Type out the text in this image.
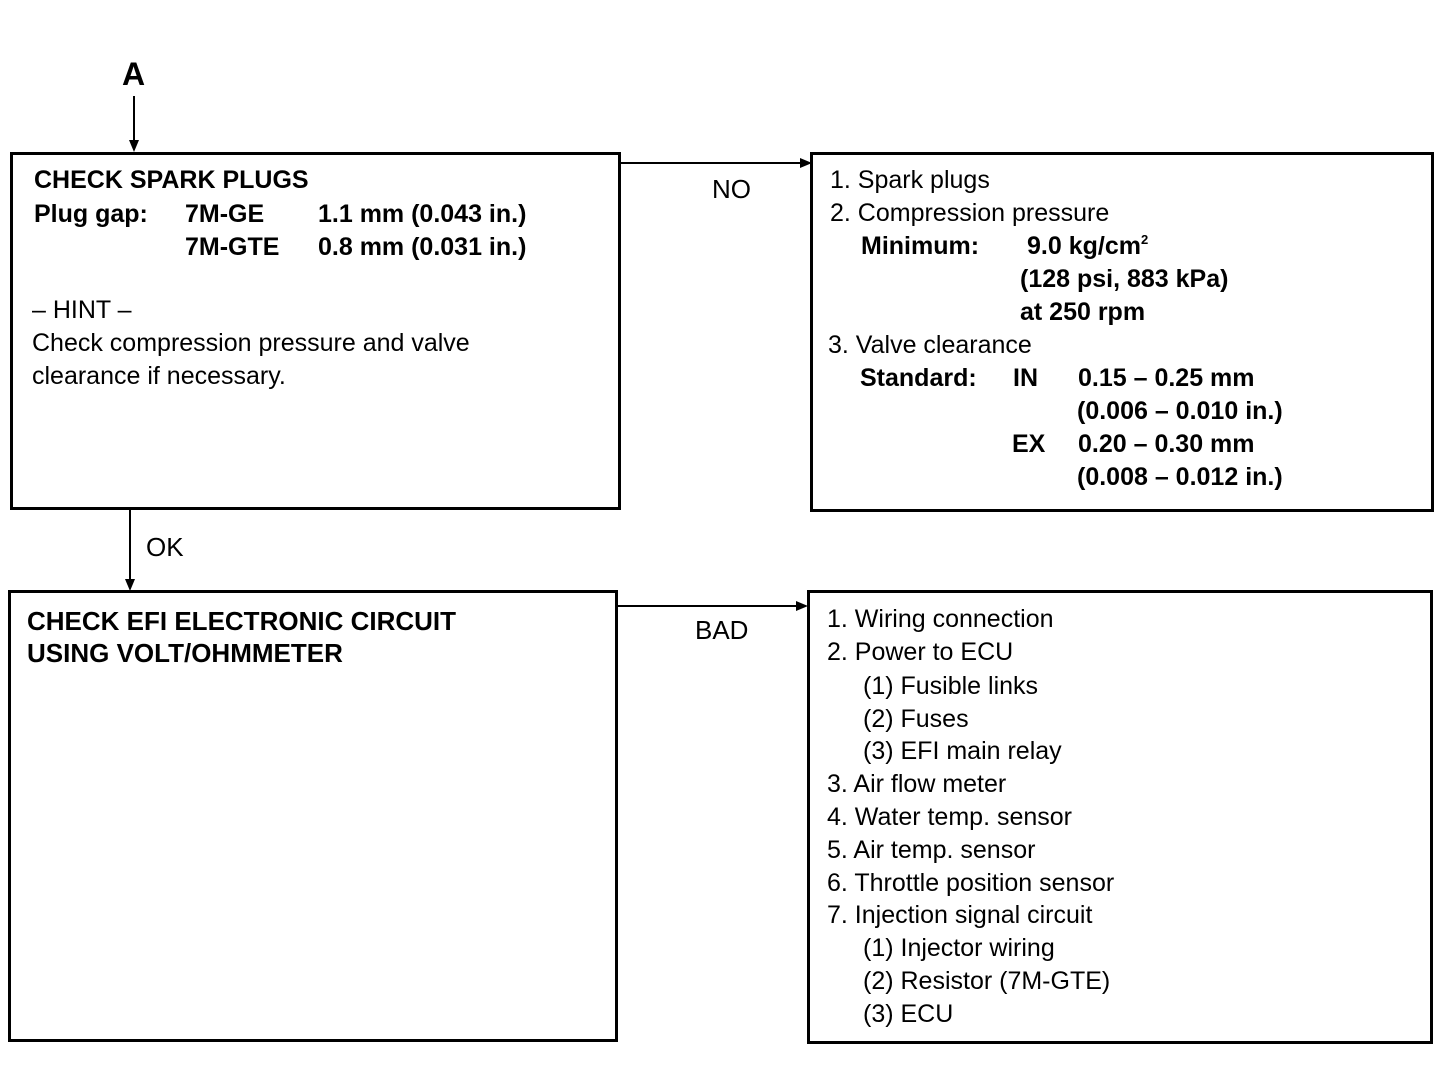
A
NO
OK
BAD
CHECK SPARK PLUGS
Plug gap: 7M-GE 1.1 mm (0.043 in.)
7M-GTE 0.8 mm (0.031 in.)
– HINT –
Check compression pressure and valve
clearance if necessary.
1. Spark plugs
2. Compression pressure
Minimum: 9.0 $kg/cm^2$
(128 psi, 883 kPa)
at 250 rpm
3. Valve clearance
Standard: IN 0.15 – 0.25 mm
(0.006 – 0.010 in.)
EX 0.20 – 0.30 mm
(0.008 – 0.012 in.)
CHECK EFI ELECTRONIC CIRCUIT
USING VOLT/OHMMETER
1. Wiring connection
2. Power to ECU
(1) Fusible links
(2) Fuses
(3) EFI main relay
3. Air flow meter
4. Water temp. sensor
5. Air temp. sensor
6. Throttle position sensor
7. Injection signal circuit
(1) Injector wiring
(2) Resistor (7M-GTE)
(3) ECU
